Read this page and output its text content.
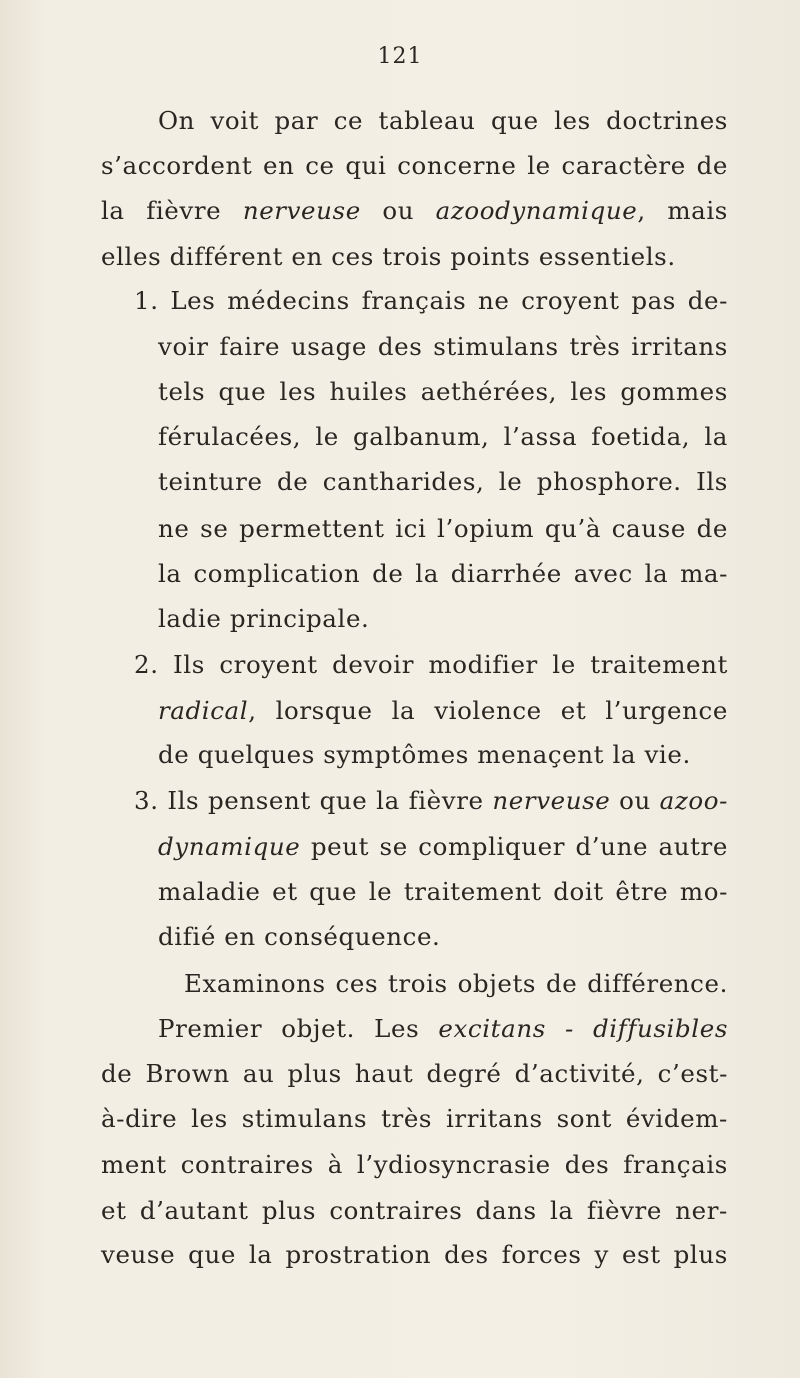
121
On voit par ce tableau que les doctrines
s’accordent en ce qui concerne le caractère de
la fièvre nerveuse ou azoodynamique, mais
elles différent en ces trois points essentiels.
1. Les médecins français ne croyent pas de-
voir faire usage des stimulans très irritans
tels que les huiles aethérées, les gommes
férulacées, le galbanum, l’assa foetida, la
teinture de cantharides, le phosphore. Ils
ne se permettent ici l’opium qu’à cause de
la complication de la diarrhée avec la ma-
ladie principale.
2. Ils croyent devoir modifier le traitement
radical, lorsque la violence et l’urgence
de quelques symptômes menaçent la vie.
3. Ils pensent que la fièvre nerveuse ou azoo-
dynamique peut se compliquer d’une autre
maladie et que le traitement doit être mo-
difié en conséquence.
Examinons ces trois objets de différence.
Premier objet. Les excitans - diffusibles
de Brown au plus haut degré d’activité, c’est-
à-dire les stimulans très irritans sont évidem-
ment contraires à l’ydiosyncrasie des français
et d’autant plus contraires dans la fièvre ner-
veuse que la prostration des forces y est plus
